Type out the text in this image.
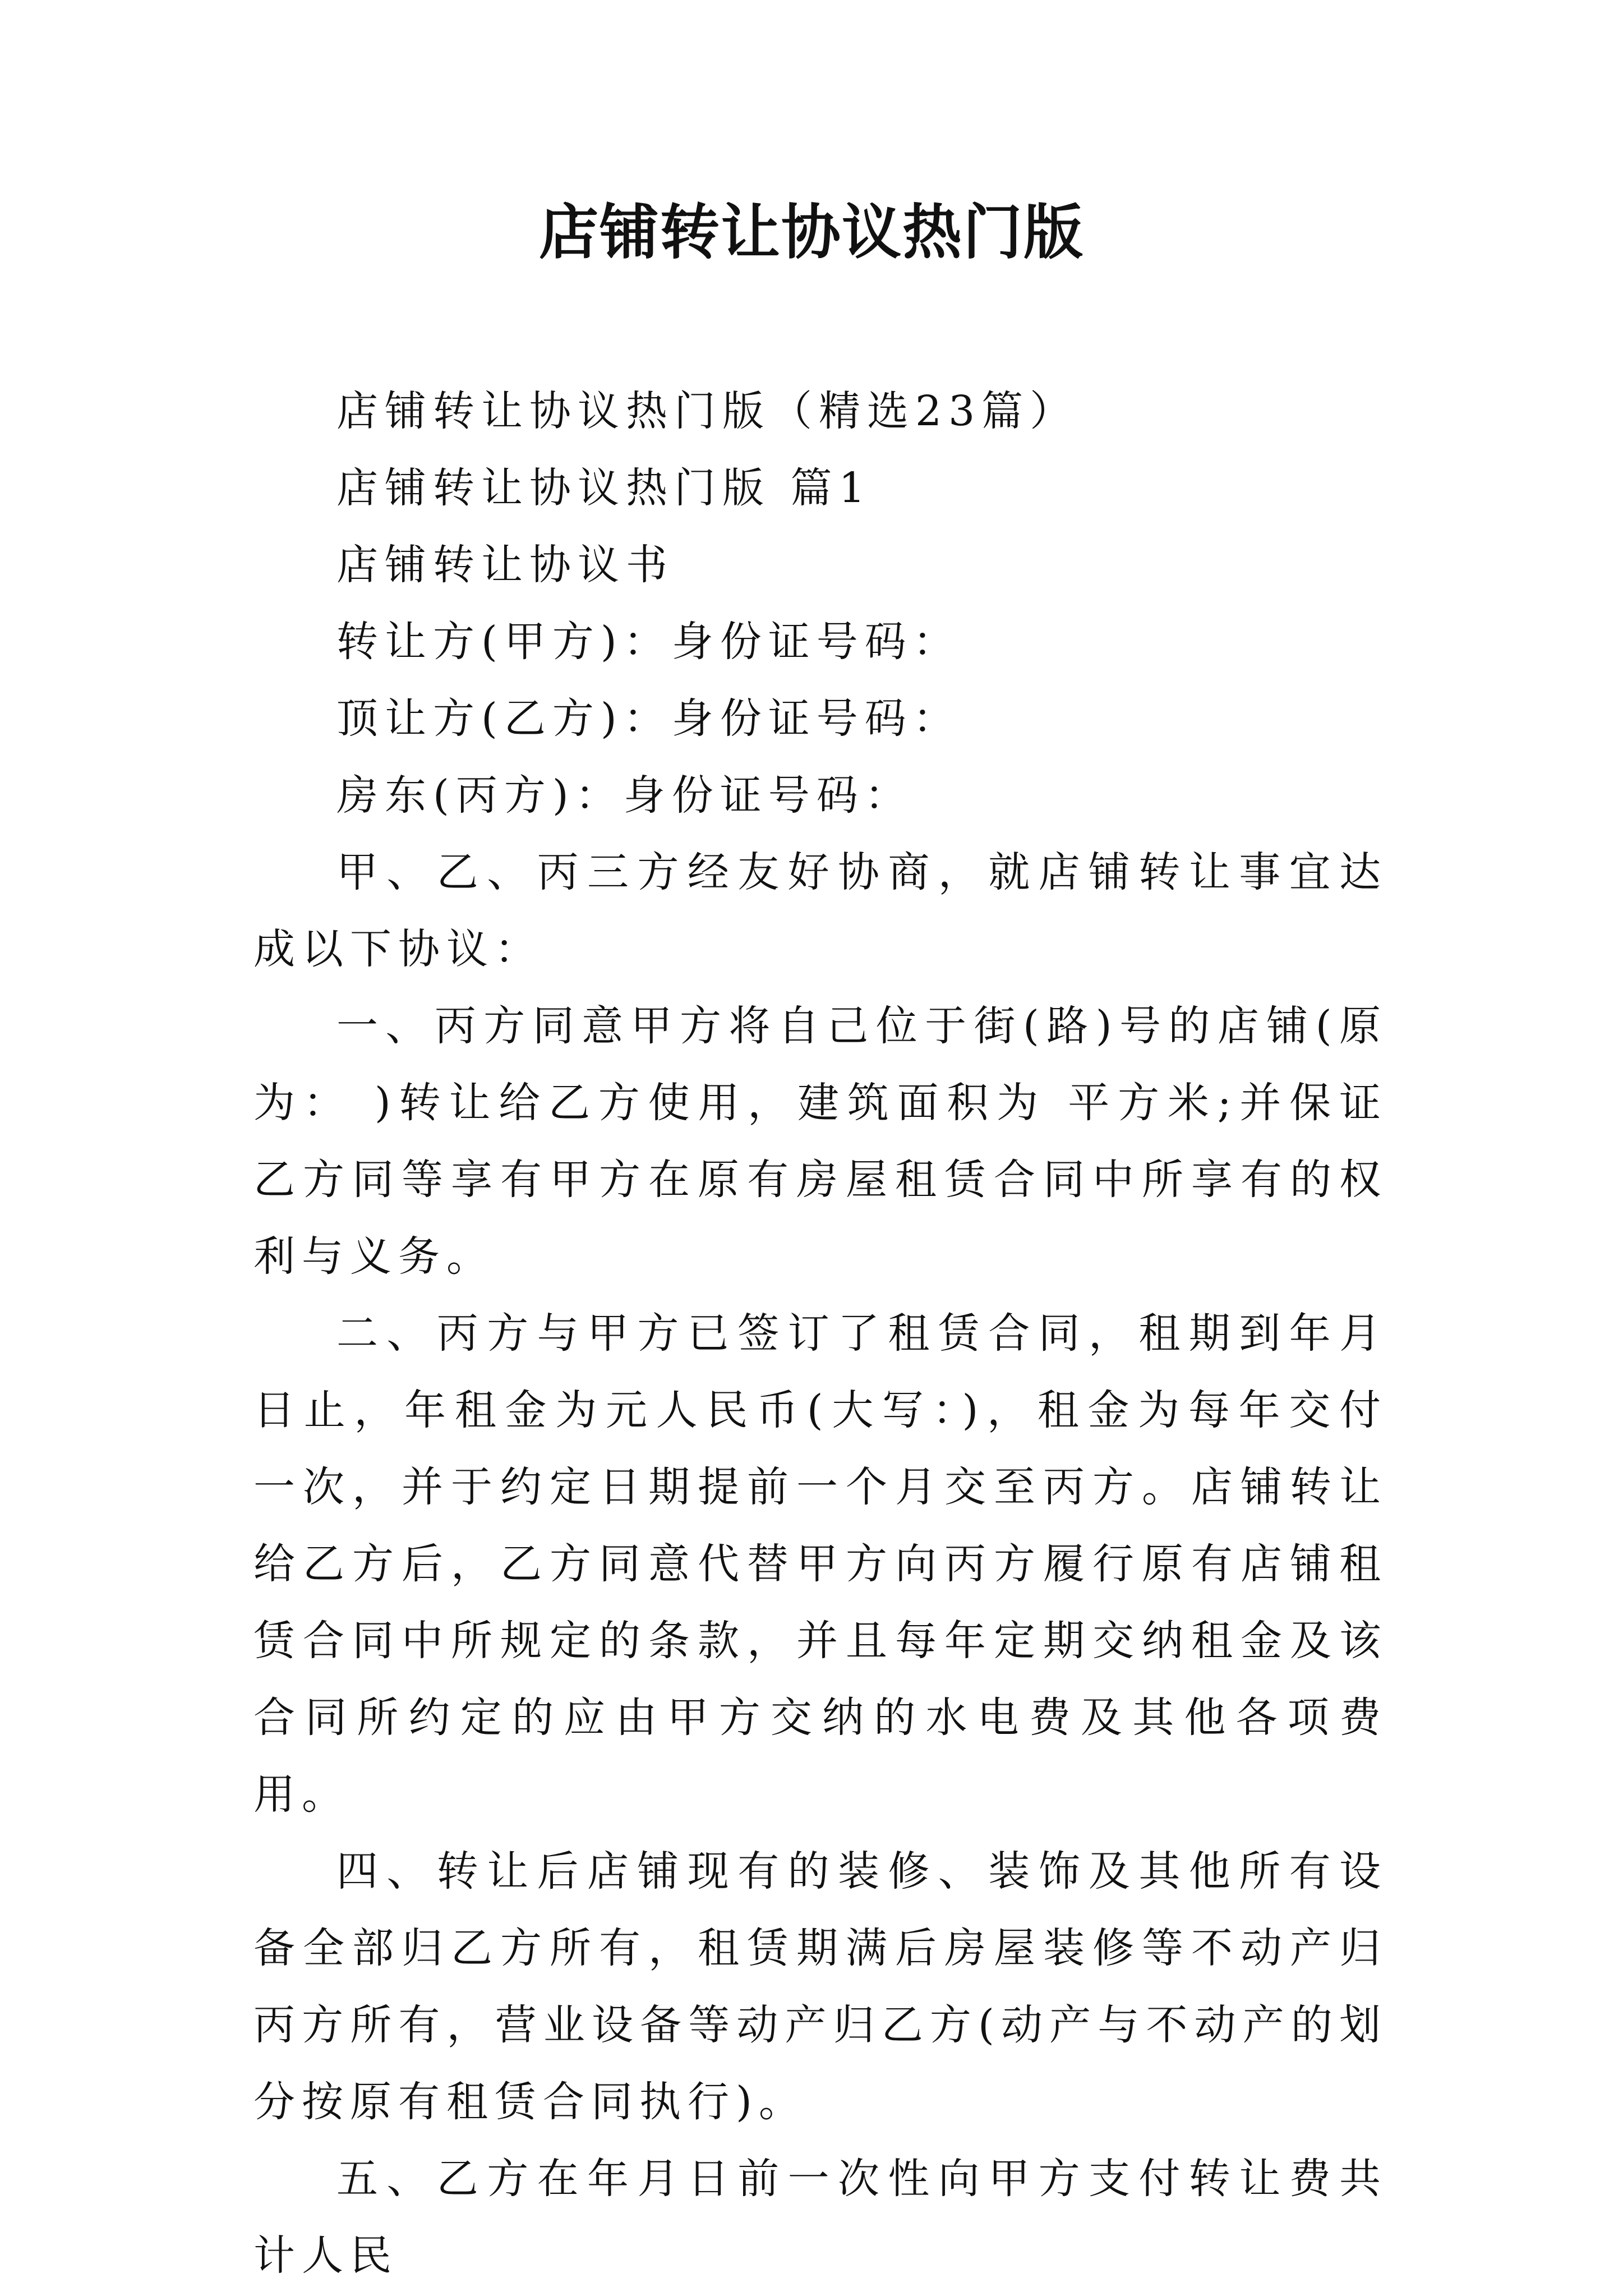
店铺转让协议热门版

店铺转让协议热门版（精选23篇）

店铺转让协议热门版 篇1

店铺转让协议书

转让方(甲方)：身份证号码：

顶让方(乙方)：身份证号码：

房东(丙方)：身份证号码：

甲、乙、丙三方经友好协商，就店铺转让事宜达成以下协议：

一、丙方同意甲方将自己位于街(路)号的店铺(原为： )转让给乙方使用，建筑面积为 平方米;并保证乙方同等享有甲方在原有房屋租赁合同中所享有的权利与义务。

二、丙方与甲方已签订了租赁合同，租期到年月日止，年租金为元人民币(大写：)，租金为每年交付一次，并于约定日期提前一个月交至丙方。店铺转让给乙方后，乙方同意代替甲方向丙方履行原有店铺租赁合同中所规定的条款，并且每年定期交纳租金及该合同所约定的应由甲方交纳的水电费及其他各项费用。

四、转让后店铺现有的装修、装饰及其他所有设备全部归乙方所有，租赁期满后房屋装修等不动产归丙方所有，营业设备等动产归乙方(动产与不动产的划分按原有租赁合同执行)。

五、乙方在年月日前一次性向甲方支付转让费共计人民
